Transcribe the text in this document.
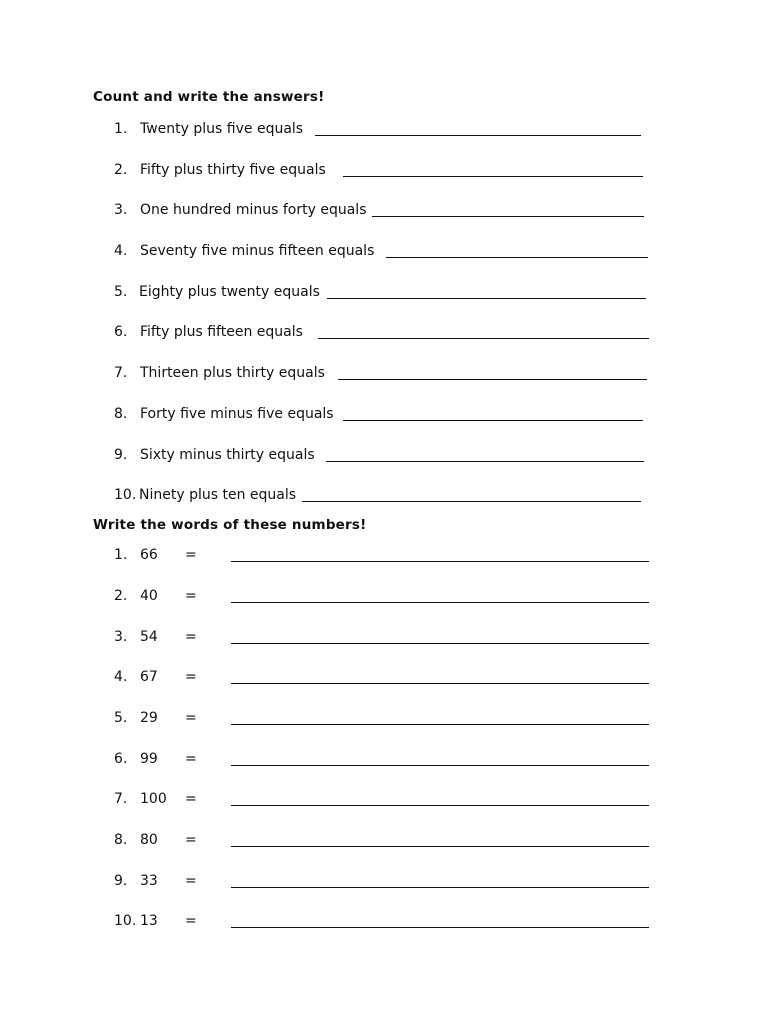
Count and write the answers!
1. Twenty plus five equals
2. Fifty plus thirty five equals
3. One hundred minus forty equals
4. Seventy five minus fifteen equals
5. Eighty plus twenty equals
6. Fifty plus fifteen equals
7. Thirteen plus thirty equals
8. Forty five minus five equals
9. Sixty minus thirty equals
10. Ninety plus ten equals
Write the words of these numbers!
1. 66 =
2. 40 =
3. 54 =
4. 67 =
5. 29 =
6. 99 =
7. 100 =
8. 80 =
9. 33 =
10. 13 =
